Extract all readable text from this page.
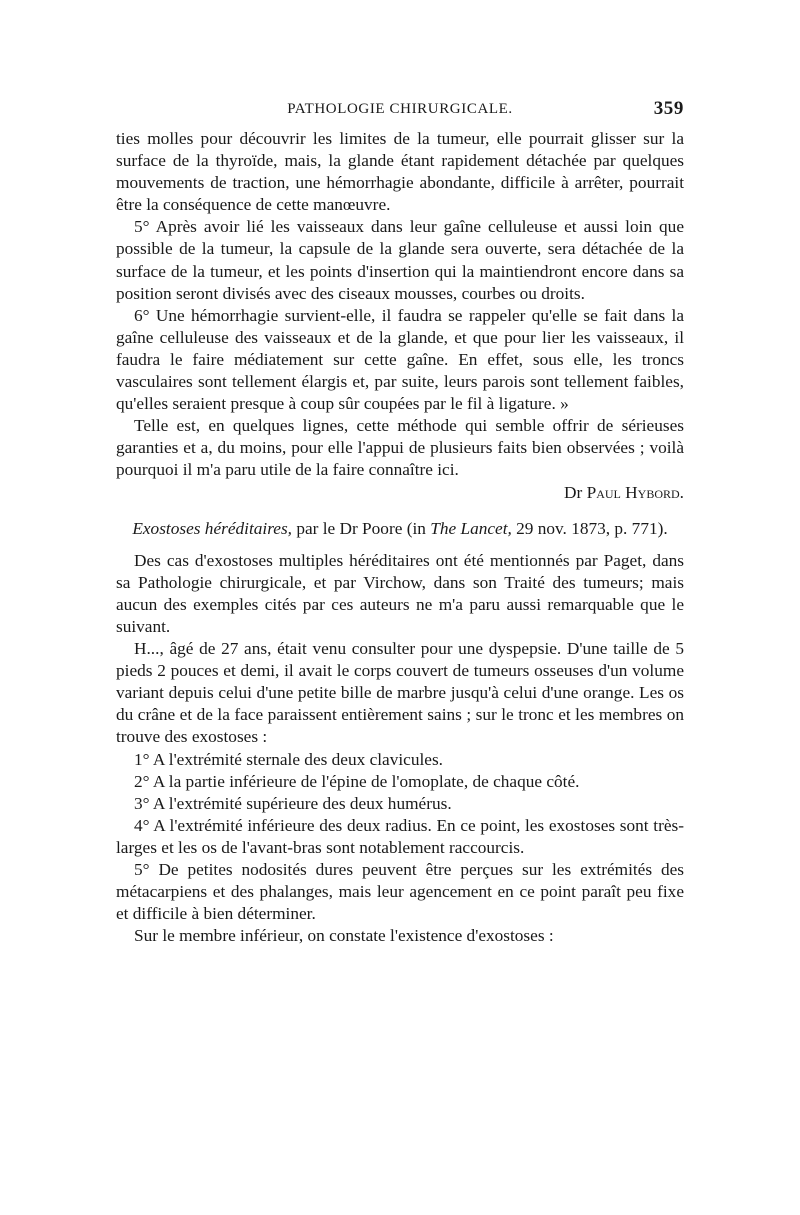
PATHOLOGIE CHIRURGICALE.	359

ties molles pour découvrir les limites de la tumeur, elle pourrait glisser sur la surface de la thyroïde, mais, la glande étant rapidement détachée par quelques mouvements de traction, une hémorrhagie abondante, difficile à arrêter, pourrait être la conséquence de cette manœuvre.

5° Après avoir lié les vaisseaux dans leur gaîne celluleuse et aussi loin que possible de la tumeur, la capsule de la glande sera ouverte, sera détachée de la surface de la tumeur, et les points d'insertion qui la maintiendront encore dans sa position seront divisés avec des ciseaux mousses, courbes ou droits.

6° Une hémorrhagie survient-elle, il faudra se rappeler qu'elle se fait dans la gaîne celluleuse des vaisseaux et de la glande, et que pour lier les vaisseaux, il faudra le faire médiatement sur cette gaîne. En effet, sous elle, les troncs vasculaires sont tellement élargis et, par suite, leurs parois sont tellement faibles, qu'elles seraient presque à coup sûr coupées par le fil à ligature. »

Telle est, en quelques lignes, cette méthode qui semble offrir de sérieuses garanties et a, du moins, pour elle l'appui de plusieurs faits bien observées ; voilà pourquoi il m'a paru utile de la faire connaître ici.

Dr Paul Hybord.

Exostoses héréditaires, par le Dr Poore (in The Lancet, 29 nov. 1873, p. 771).

Des cas d'exostoses multiples héréditaires ont été mentionnés par Paget, dans sa Pathologie chirurgicale, et par Virchow, dans son Traité des tumeurs; mais aucun des exemples cités par ces auteurs ne m'a paru aussi remarquable que le suivant.

H..., âgé de 27 ans, était venu consulter pour une dyspepsie. D'une taille de 5 pieds 2 pouces et demi, il avait le corps couvert de tumeurs osseuses d'un volume variant depuis celui d'une petite bille de marbre jusqu'à celui d'une orange. Les os du crâne et de la face paraissent entièrement sains ; sur le tronc et les membres on trouve des exostoses :

1° A l'extrémité sternale des deux clavicules.

2° A la partie inférieure de l'épine de l'omoplate, de chaque côté.

3° A l'extrémité supérieure des deux humérus.

4° A l'extrémité inférieure des deux radius. En ce point, les exostoses sont très-larges et les os de l'avant-bras sont notablement raccourcis.

5° De petites nodosités dures peuvent être perçues sur les extrémités des métacarpiens et des phalanges, mais leur agencement en ce point paraît peu fixe et difficile à bien déterminer.

Sur le membre inférieur, on constate l'existence d'exostoses :
